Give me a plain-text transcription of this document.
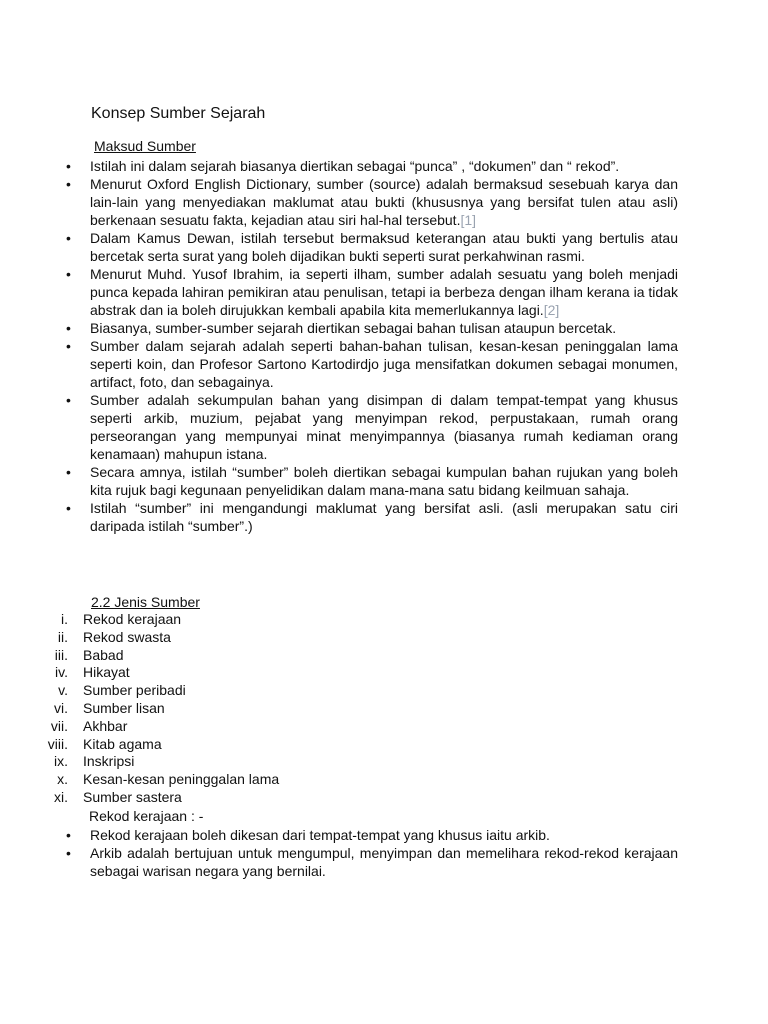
Konsep Sumber Sejarah

Maksud Sumber

• Istilah ini dalam sejarah biasanya diertikan sebagai “punca” , “dokumen” dan “ rekod”.
• Menurut Oxford English Dictionary, sumber (source) adalah bermaksud sesebuah karya dan lain-lain yang menyediakan maklumat atau bukti (khususnya yang bersifat tulen atau asli) berkenaan sesuatu fakta, kejadian atau siri hal-hal tersebut.[1]
• Dalam Kamus Dewan, istilah tersebut bermaksud keterangan atau bukti yang bertulis atau bercetak serta surat yang boleh dijadikan bukti seperti surat perkahwinan rasmi.
• Menurut Muhd. Yusof Ibrahim, ia seperti ilham, sumber adalah sesuatu yang boleh menjadi punca kepada lahiran pemikiran atau penulisan, tetapi ia berbeza dengan ilham kerana ia tidak abstrak dan ia boleh dirujukkan kembali apabila kita memerlukannya lagi.[2]
• Biasanya, sumber-sumber sejarah diertikan sebagai bahan tulisan ataupun bercetak.
• Sumber dalam sejarah adalah seperti bahan-bahan tulisan, kesan-kesan peninggalan lama seperti koin, dan Profesor Sartono Kartodirdjo juga mensifatkan dokumen sebagai monumen, artifact, foto, dan sebagainya.
• Sumber adalah sekumpulan bahan yang disimpan di dalam tempat-tempat yang khusus seperti arkib, muzium, pejabat yang menyimpan rekod, perpustakaan, rumah orang perseorangan yang mempunyai minat menyimpannya (biasanya rumah kediaman orang kenamaan) mahupun istana.
• Secara amnya, istilah “sumber” boleh diertikan sebagai kumpulan bahan rujukan yang boleh kita rujuk bagi kegunaan penyelidikan dalam mana-mana satu bidang keilmuan sahaja.
• Istilah “sumber” ini mengandungi maklumat yang bersifat asli. (asli merupakan satu ciri daripada istilah “sumber”.)

2.2 Jenis Sumber

i. Rekod kerajaan
ii. Rekod swasta
iii. Babad
iv. Hikayat
v. Sumber peribadi
vi. Sumber lisan
vii. Akhbar
viii. Kitab agama
ix. Inskripsi
x. Kesan-kesan peninggalan lama
xi. Sumber sastera

Rekod kerajaan : -

• Rekod kerajaan boleh dikesan dari tempat-tempat yang khusus iaitu arkib.
• Arkib adalah bertujuan untuk mengumpul, menyimpan dan memelihara rekod-rekod kerajaan sebagai warisan negara yang bernilai.
